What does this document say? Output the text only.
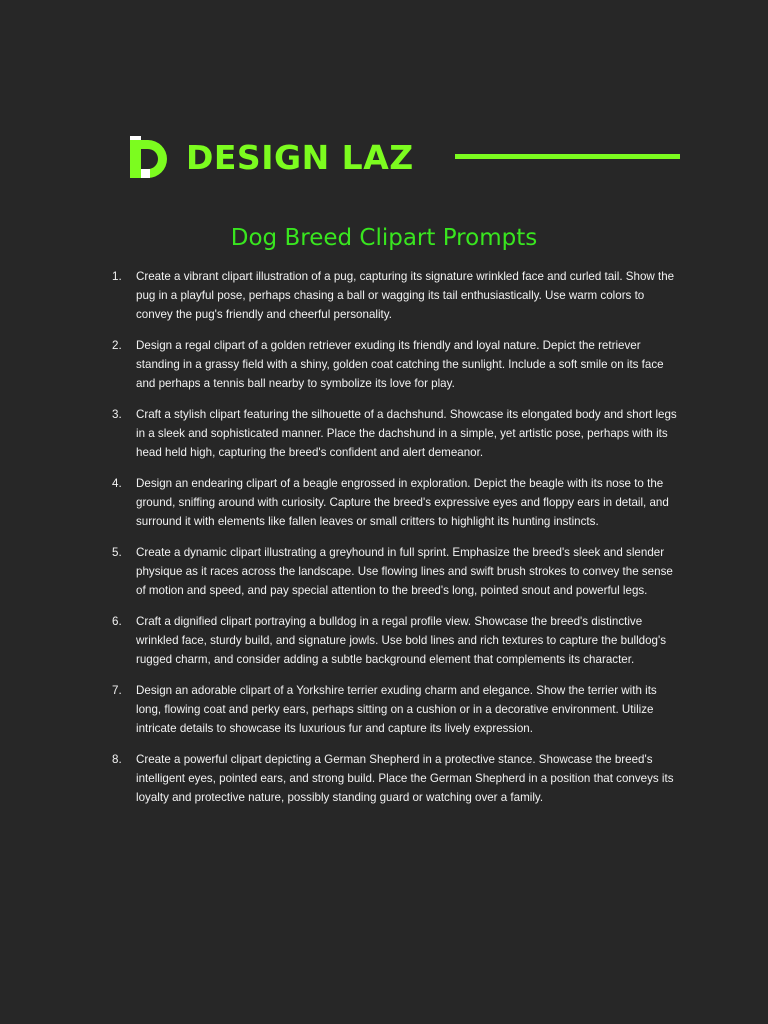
DESIGN LAZ
Dog Breed Clipart Prompts
1.	Create a vibrant clipart illustration of a pug, capturing its signature wrinkled face and curled tail. Show the pug in a playful pose, perhaps chasing a ball or wagging its tail enthusiastically. Use warm colors to convey the pug's friendly and cheerful personality.
2.	Design a regal clipart of a golden retriever exuding its friendly and loyal nature. Depict the retriever standing in a grassy field with a shiny, golden coat catching the sunlight. Include a soft smile on its face and perhaps a tennis ball nearby to symbolize its love for play.
3.	Craft a stylish clipart featuring the silhouette of a dachshund. Showcase its elongated body and short legs in a sleek and sophisticated manner. Place the dachshund in a simple, yet artistic pose, perhaps with its head held high, capturing the breed's confident and alert demeanor.
4.	Design an endearing clipart of a beagle engrossed in exploration. Depict the beagle with its nose to the ground, sniffing around with curiosity. Capture the breed's expressive eyes and floppy ears in detail, and surround it with elements like fallen leaves or small critters to highlight its hunting instincts.
5.	Create a dynamic clipart illustrating a greyhound in full sprint. Emphasize the breed's sleek and slender physique as it races across the landscape. Use flowing lines and swift brush strokes to convey the sense of motion and speed, and pay special attention to the breed's long, pointed snout and powerful legs.
6.	Craft a dignified clipart portraying a bulldog in a regal profile view. Showcase the breed's distinctive wrinkled face, sturdy build, and signature jowls. Use bold lines and rich textures to capture the bulldog's rugged charm, and consider adding a subtle background element that complements its character.
7.	Design an adorable clipart of a Yorkshire terrier exuding charm and elegance. Show the terrier with its long, flowing coat and perky ears, perhaps sitting on a cushion or in a decorative environment. Utilize intricate details to showcase its luxurious fur and capture its lively expression.
8.	Create a powerful clipart depicting a German Shepherd in a protective stance. Showcase the breed's intelligent eyes, pointed ears, and strong build. Place the German Shepherd in a position that conveys its loyalty and protective nature, possibly standing guard or watching over a family.
